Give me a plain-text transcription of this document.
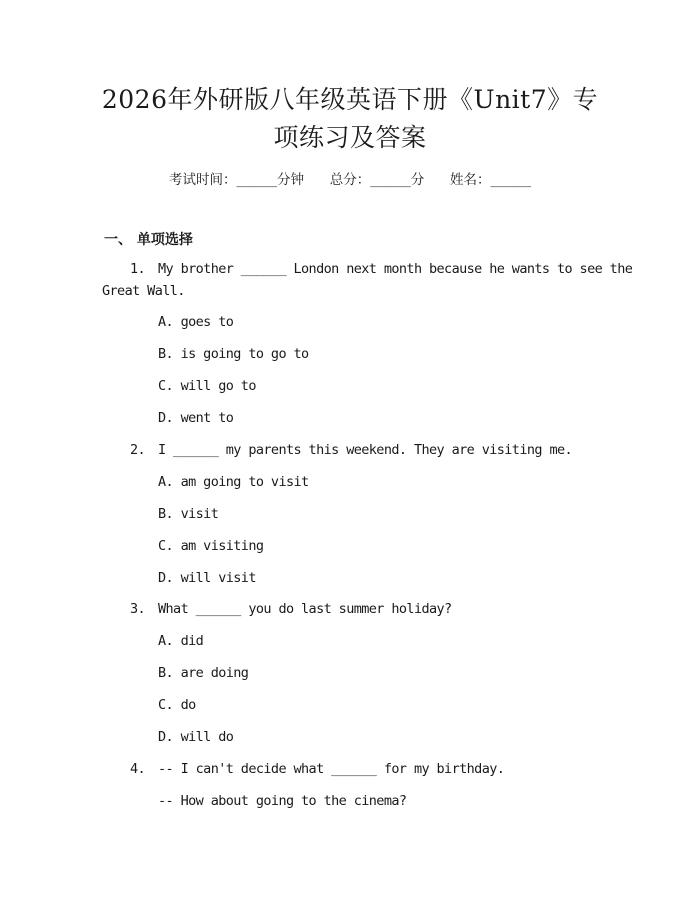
2026年外研版八年级英语下册《Unit7》专
项练习及答案
考试时间：______分钟      总分：______分      姓名：______
一、 单项选择
1. My brother ______ London next month because he wants to see the
Great Wall.
A. goes to
B. is going to go to
C. will go to
D. went to
2. I ______ my parents this weekend. They are visiting me.
A. am going to visit
B. visit
C. am visiting
D. will visit
3. What ______ you do last summer holiday?
A. did
B. are doing
C. do
D. will do
4. -- I can't decide what ______ for my birthday.
-- How about going to the cinema?
